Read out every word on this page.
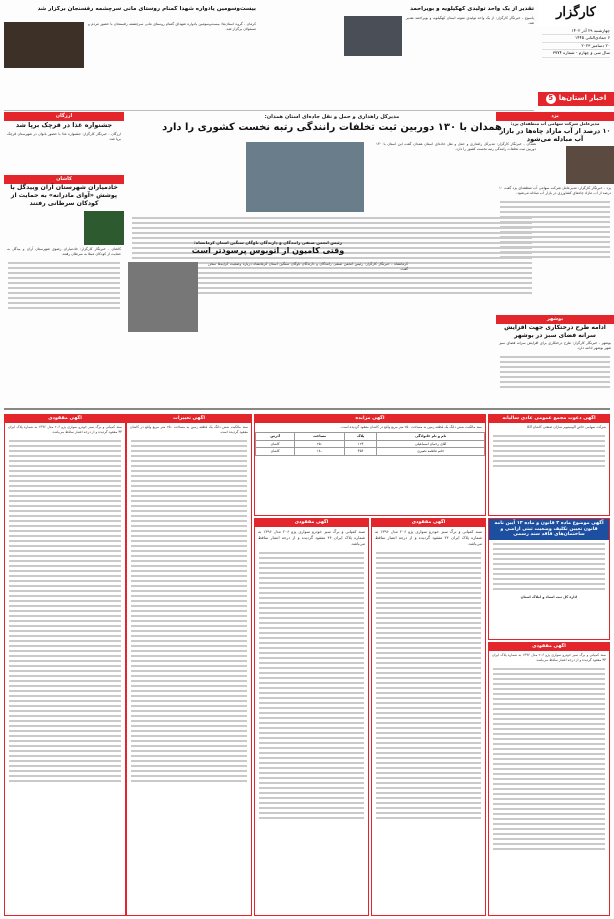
کارگزار
چهارشنبه ۲۹ آذر ۱۴۰۲
۶ جمادی‌الثانی ۱۴۴۵
۲۰ دسامبر ۲۰۲۳
سال سی و چهارم - شماره ۳۷۷۴
اخبار استان‌ها
5
تقدیر از یک واحد تولیدی کهگیلویه و بویراحمد
یاسوج - خبرنگار کارگزار: از یک واحد تولیدی نمونه استان کهگیلویه و بویراحمد تقدیر شد.
بیست‌وسومین یادواره شهدا گمنام روستای مانی سرچشمه رفسنجان برگزار شد
کرمان - گروه استان‌ها: بیست‌وسومین یادواره شهدای گمنام روستای مانی سرچشمه رفسنجان با حضور مردم و مسئولان برگزار شد.
مدیرکل راهداری و حمل و نقل جاده‌ای استان همدان:
همدان با ۱۳۰ دوربین ثبت تخلفات رانندگی رتبه نخست کشوری را دارد
همدان - خبرنگار کارگزار: مدیرکل راهداری و حمل و نقل جاده‌ای استان همدان گفت این استان با ۱۳۰ دوربین ثبت تخلفات رانندگی رتبه نخست کشور را دارد.
رئیس انجمن صنفی رانندگان و دارندگان ناوگان سنگین استان کرمانشاه:
وقتی کامیون از اتوبوس پرسودتر است
کرمانشاه - خبرنگار کارگزار: رئیس انجمن صنفی رانندگان و دارندگان ناوگان سنگین استان کرمانشاه درباره وضعیت کرایه‌ها سخن گفت.
یزد
مدیرعامل شرکت سهامی آب منطقه‌ای یزد:
۱۰ درصد از آب مازاد چاه‌ها در بازار آب مبادله می‌شود
یزد - خبرنگار کارگزار: مدیرعامل شرکت سهامی آب منطقه‌ای یزد گفت ۱۰ درصد از آب مازاد چاه‌های کشاورزی در بازار آب مبادله می‌شود.
بوشهر
ادامه طرح درختکاری جهت افزایش سرانه فضای سبز در بوشهر
بوشهر - خبرنگار کارگزار: طرح درختکاری برای افزایش سرانه فضای سبز شهر بوشهر ادامه دارد.
ارزگان
جشنواره غذا در قرچک برپا شد
ارزگان - خبرنگار کارگزار: جشنواره غذا با حضور بانوان در شهرستان قرچک برپا شد.
کاشان
خادمیاران شهرستان آران وبیدگل با پوشش «آوای مادرانه» به حمایت از کودکان سرطانی رفتند
کاشان - خبرنگار کارگزار: خادمیاران رضوی شهرستان آران و بیدگل به حمایت از کودکان مبتلا به سرطان رفتند.
آگهی دعوت مجمع عمومی عادی سالیانه
شرکت سهامی خاص آلومینیوم سازان صنعتی کاشان آلکا
آگهی موضوع ماده ۳ قانون و ماده ۱۳ آیین نامه قانون تعیین تکلیف وضعیت ثبتی اراضی و ساختمان‌های فاقد سند رسمی
اداره کل ثبت اسناد و املاک استان
آگهی مفقودی
سند کمپانی و برگ سبز خودرو سواری پژو ۲۰۶ مدل ۱۳۹۶ به شماره پلاک ایران ۴۴ مفقود گردیده و از درجه اعتبار ساقط می‌باشد.
آگهی مزایده
سند مالکیت شش دانگ یک قطعه زمین به مساحت ۲۵۰ متر مربع واقع در کاشان مفقود گردیده است.
نام و نام خانوادگی	پلاک	مساحت	آدرس
آقای رحمان اسماعیلی	۱۲۳	۲۵۰	کاشان
خانم فاطمه نصیری	۴۵۶	۱۸۰	کاشان
آگهی مفقودی
سند کمپانی و برگ سبز خودرو سواری پژو ۲۰۶ مدل ۱۳۹۶ به شماره پلاک ایران ۴۴ مفقود گردیده و از درجه اعتبار ساقط می‌باشد.
آگهی مفقودی
سند کمپانی و برگ سبز خودرو سواری پژو ۲۰۶ مدل ۱۳۹۶ به شماره پلاک ایران ۴۴ مفقود گردیده و از درجه اعتبار ساقط می‌باشد.
آگهی تغییرات
سند مالکیت شش دانگ یک قطعه زمین به مساحت ۲۵۰ متر مربع واقع در کاشان مفقود گردیده است.
آگهی مفقودی
سند کمپانی و برگ سبز خودرو سواری پژو ۲۰۶ مدل ۱۳۹۶ به شماره پلاک ایران ۴۴ مفقود گردیده و از درجه اعتبار ساقط می‌باشد.
